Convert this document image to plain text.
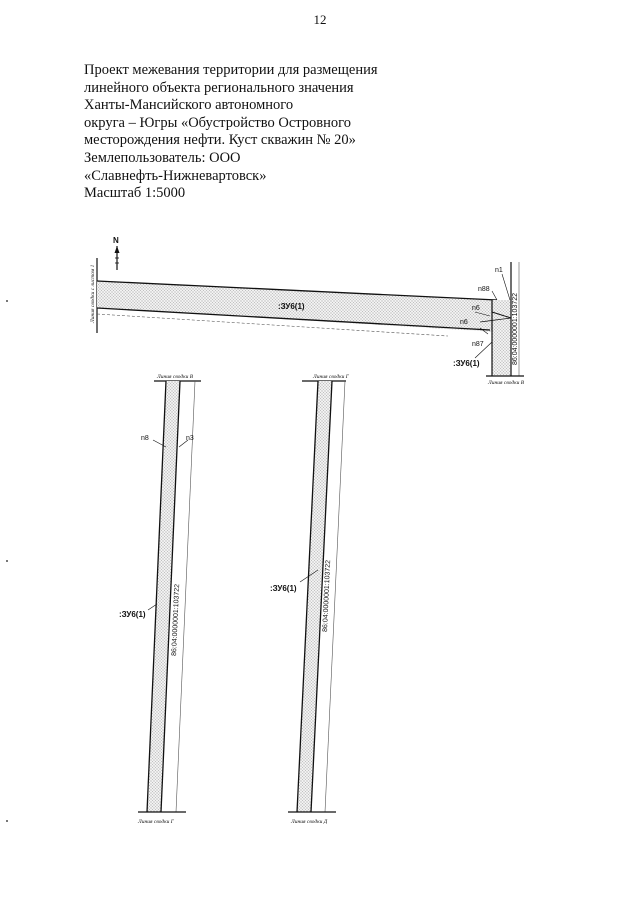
12
Проект межевания территории для размещения
линейного объекта регионального значения
Ханты-Мансийского автономного
округа – Югры «Обустройство Островного
месторождения нефти. Куст скважин № 20»
Землепользователь: ООО
«Славнефть-Нижневартовск»
Масштаб 1:5000
N
Линия сводки с листом 1	:ЗУ6(1)
n1
n88
n6
n6
n87
:ЗУ6(1)	86:04:0000001:103722
Линия сводки В
Линия сводки В
Линия сводки Г
n8	n3
:ЗУ6(1)	86:04:0000001:103722
Линия сводки Г
Линия сводки Д
:ЗУ6(1)	86:04:0000001:103722
